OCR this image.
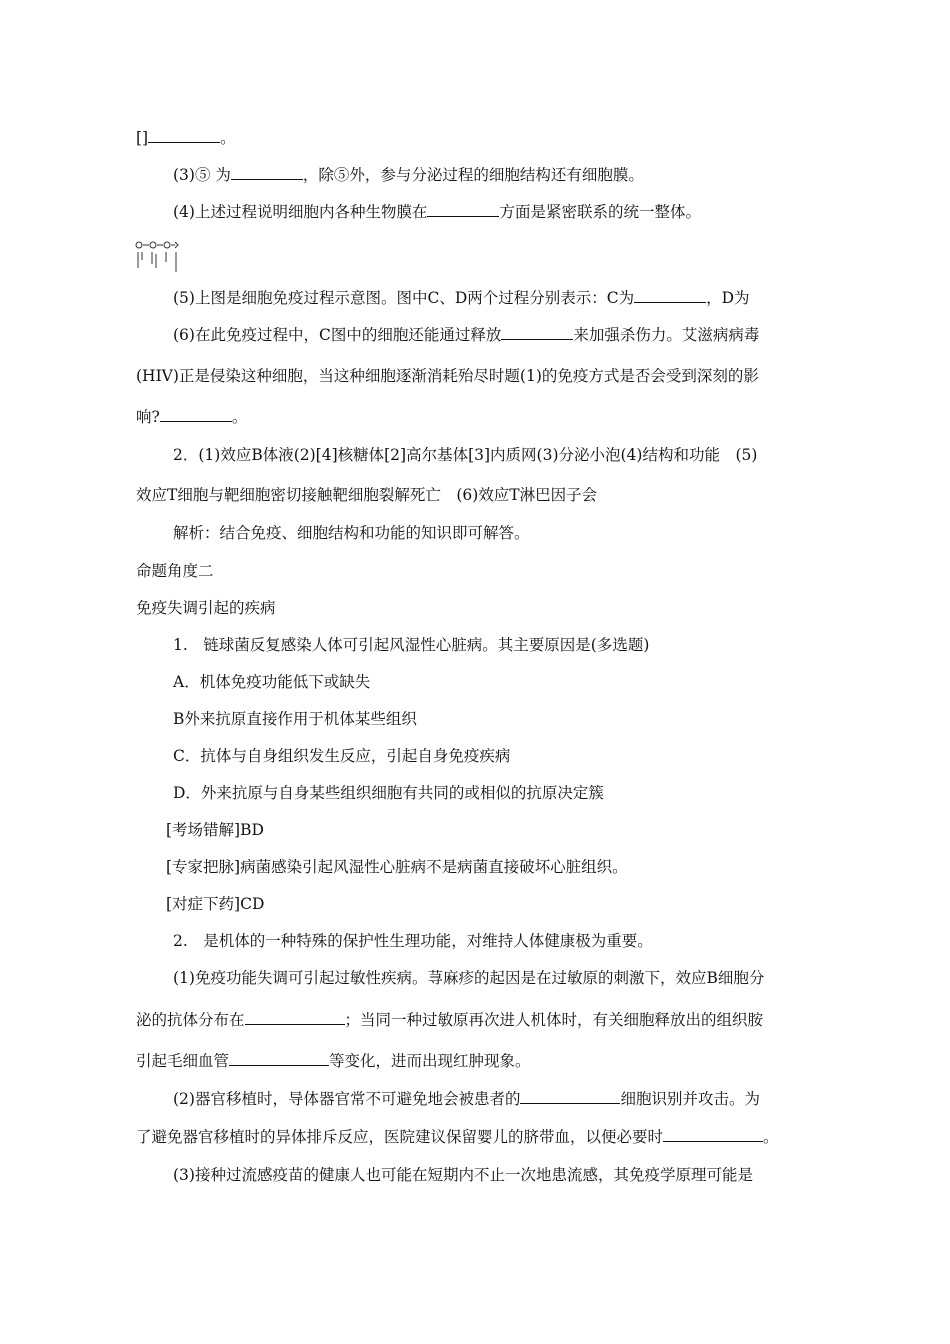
[]	。
(3)⑤ 为	，除⑤外，参与分泌过程的细胞结构还有细胞膜。
(4)上述过程说明细胞内各种生物膜在	方面是紧密联系的统一整体。
(5)上图是细胞免疫过程示意图。图中C、D两个过程分别表示：C为	，D为
(6)在此免疫过程中，C图中的细胞还能通过释放	来加强杀伤力。艾滋病病毒
(HIV)正是侵染这种细胞，当这种细胞逐渐消耗殆尽时题(1)的免疫方式是否会受到深刻的影
响?	。
2．(1)效应B体液(2)[4]核糖体[2]高尔基体[3]内质网(3)分泌小泡(4)结构和功能　(5)
效应T细胞与靶细胞密切接触靶细胞裂解死亡　(6)效应T淋巴因子会
解析：结合免疫、细胞结构和功能的知识即可解答。
命题角度二
免疫失调引起的疾病
1.　链球菌反复感染人体可引起风湿性心脏病。其主要原因是(多选题)
A．机体免疫功能低下或缺失
B外来抗原直接作用于机体某些组织
C．抗体与自身组织发生反应，引起自身免疫疾病
D．外来抗原与自身某些组织细胞有共同的或相似的抗原决定簇
[考场错解]BD
[专家把脉]病菌感染引起风湿性心脏病不是病菌直接破坏心脏组织。
[对症下药]CD
2.　是机体的一种特殊的保护性生理功能，对维持人体健康极为重要。
(1)免疫功能失调可引起过敏性疾病。荨麻疹的起因是在过敏原的刺激下，效应B细胞分
泌的抗体分布在	；当同一种过敏原再次进人机体时，有关细胞释放出的组织胺
引起毛细血管	等变化，进而出现红肿现象。
(2)器官移植时，导体器官常不可避免地会被患者的	细胞识别并攻击。为
了避免器官移植时的异体排斥反应，医院建议保留婴儿的脐带血，以便必要时	。
(3)接种过流感疫苗的健康人也可能在短期内不止一次地患流感，其免疫学原理可能是
